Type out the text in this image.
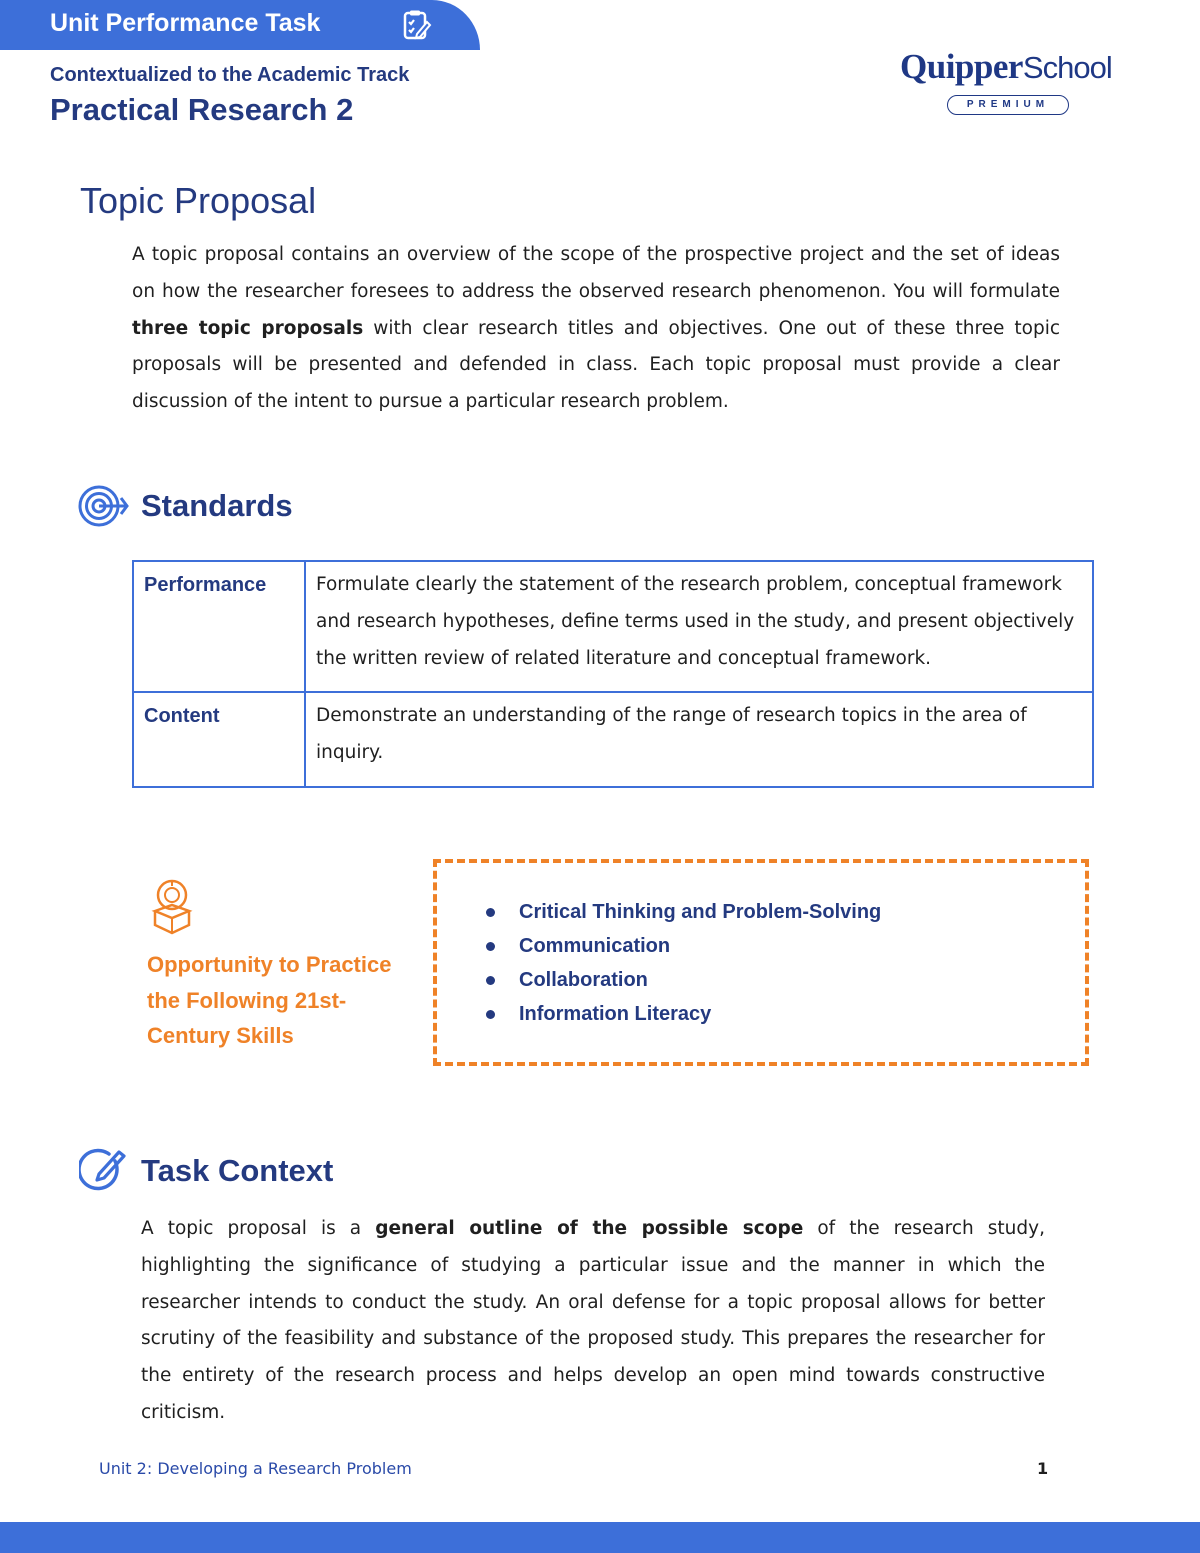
Unit Performance Task
Contextualized to the Academic Track
Practical Research 2
QuipperSchool
PREMIUM
Topic Proposal
A topic proposal contains an overview of the scope of the prospective project and the set of ideas on how the researcher foresees to address the observed research phenomenon. You will formulate three topic proposals with clear research titles and objectives. One out of these three topic proposals will be presented and defended in class. Each topic proposal must provide a clear discussion of the intent to pursue a particular research problem.
Standards
Performance	Formulate clearly the statement of the research problem, conceptual framework and research hypotheses, define terms used in the study, and present objectively the written review of related literature and conceptual framework.
Content	Demonstrate an understanding of the range of research topics in the area of inquiry.
Opportunity to Practice the Following 21st-Century Skills
Critical Thinking and Problem-Solving
Communication
Collaboration
Information Literacy
Task Context
A topic proposal is a general outline of the possible scope of the research study, highlighting the significance of studying a particular issue and the manner in which the researcher intends to conduct the study. An oral defense for a topic proposal allows for better scrutiny of the feasibility and substance of the proposed study. This prepares the researcher for the entirety of the research process and helps develop an open mind towards constructive criticism.
Unit 2: Developing a Research Problem	1
